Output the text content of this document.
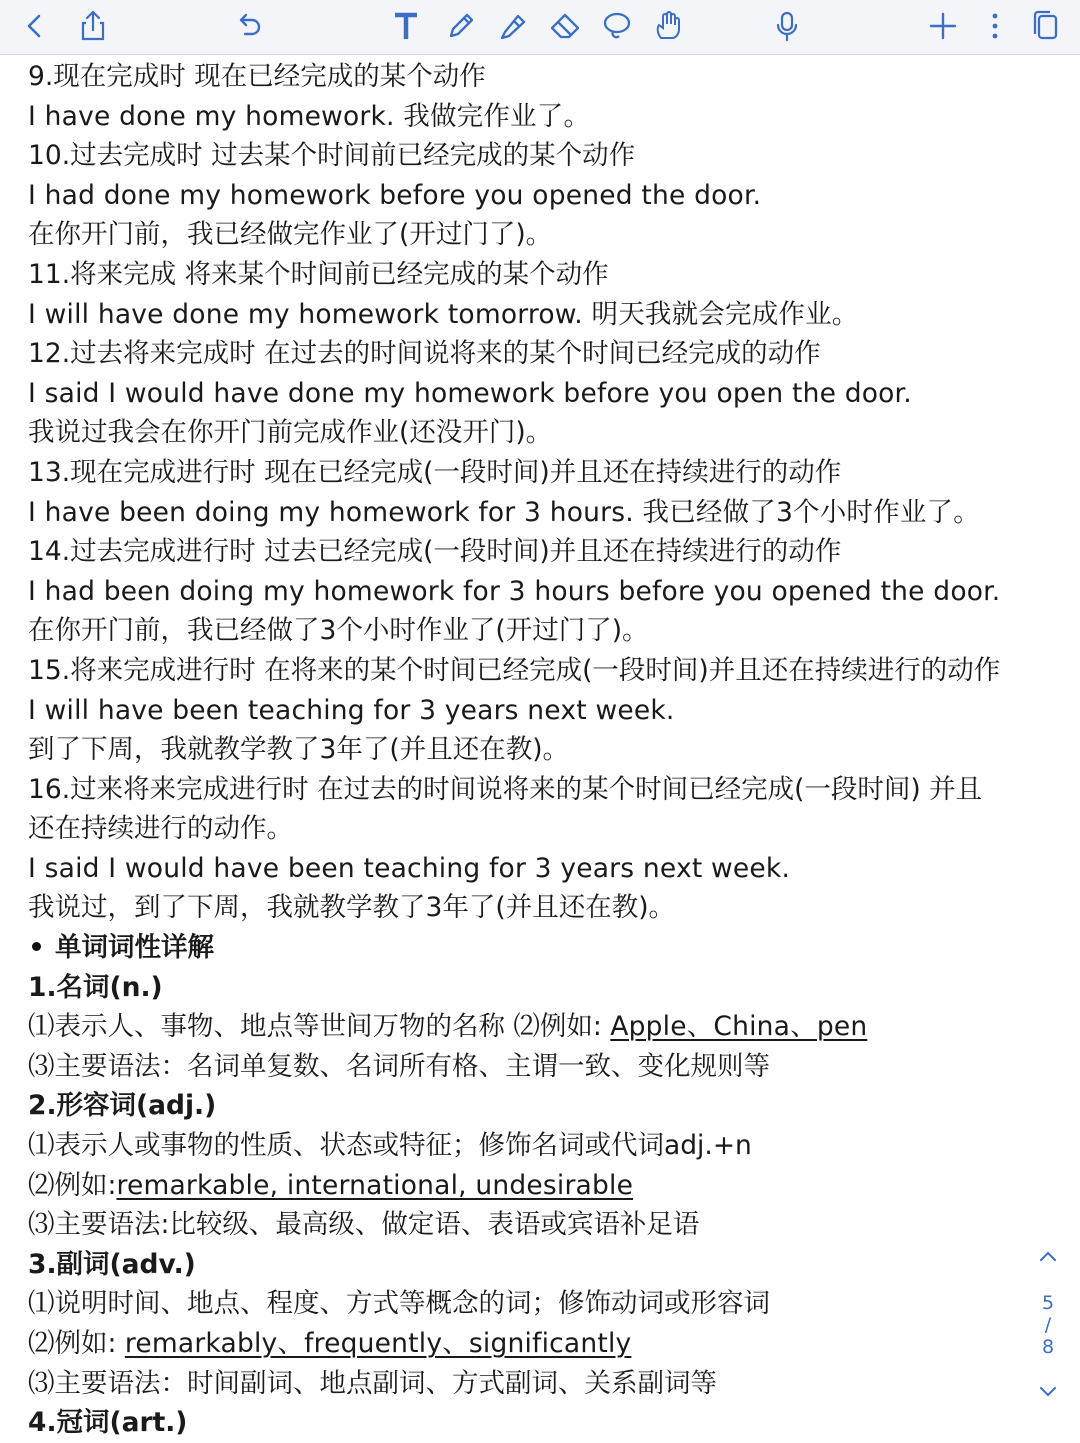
9.现在完成时 现在已经完成的某个动作
I have done my homework. 我做完作业了。
10.过去完成时 过去某个时间前已经完成的某个动作
I had done my homework before you opened the door.
在你开门前，我已经做完作业了(开过门了)。
11.将来完成 将来某个时间前已经完成的某个动作
I will have done my homework tomorrow. 明天我就会完成作业。
12.过去将来完成时 在过去的时间说将来的某个时间已经完成的动作
I said I would have done my homework before you open the door.
我说过我会在你开门前完成作业(还没开门)。
13.现在完成进行时 现在已经完成(一段时间)并且还在持续进行的动作
I have been doing my homework for 3 hours. 我已经做了3个小时作业了。
14.过去完成进行时 过去已经完成(一段时间)并且还在持续进行的动作
I had been doing my homework for 3 hours before you opened the door.
在你开门前，我已经做了3个小时作业了(开过门了)。
15.将来完成进行时 在将来的某个时间已经完成(一段时间)并且还在持续进行的动作
I will have been teaching for 3 years next week.
到了下周，我就教学教了3年了(并且还在教)。
16.过来将来完成进行时 在过去的时间说将来的某个时间已经完成(一段时间) 并且
还在持续进行的动作。
I said I would have been teaching for 3 years next week.
我说过，到了下周，我就教学教了3年了(并且还在教)。
单词词性详解
1.名词(n.)
⑴表示人、事物、地点等世间万物的名称 ⑵例如: Apple、China、pen
⑶主要语法：名词单复数、名词所有格、主谓一致、变化规则等
2.形容词(adj.)
⑴表示人或事物的性质、状态或特征；修饰名词或代词adj.+n
⑵例如:remarkable, international, undesirable
⑶主要语法:比较级、最高级、做定语、表语或宾语补足语
3.副词(adv.)
⑴说明时间、地点、程度、方式等概念的词；修饰动词或形容词
⑵例如: remarkably、frequently、significantly
⑶主要语法：时间副词、地点副词、方式副词、关系副词等
4.冠词(art.)
5
/
8
